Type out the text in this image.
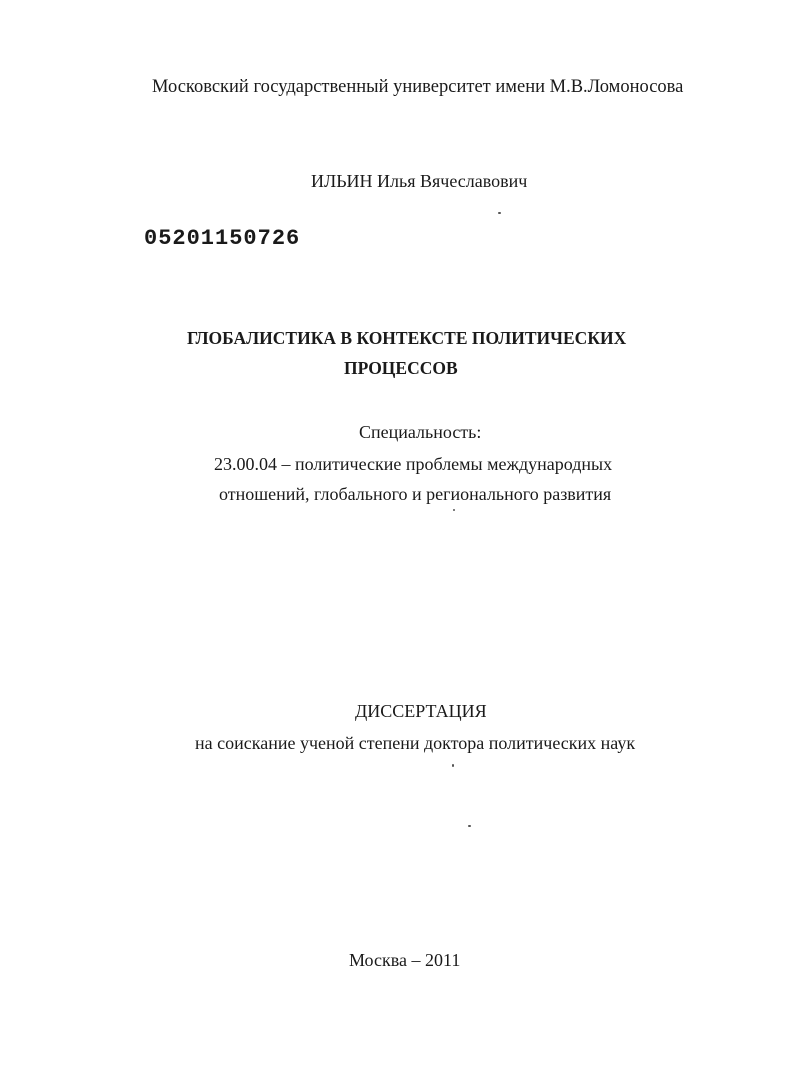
Московский государственный университет имени М.В.Ломоносова
ИЛЬИН Илья Вячеславович
05201150726
ГЛОБАЛИСТИКА В КОНТЕКСТЕ ПОЛИТИЧЕСКИХ
ПРОЦЕССОВ
Специальность:
23.00.04 – политические проблемы международных
отношений, глобального и регионального развития
ДИССЕРТАЦИЯ
на соискание ученой степени доктора политических наук
Москва – 2011
